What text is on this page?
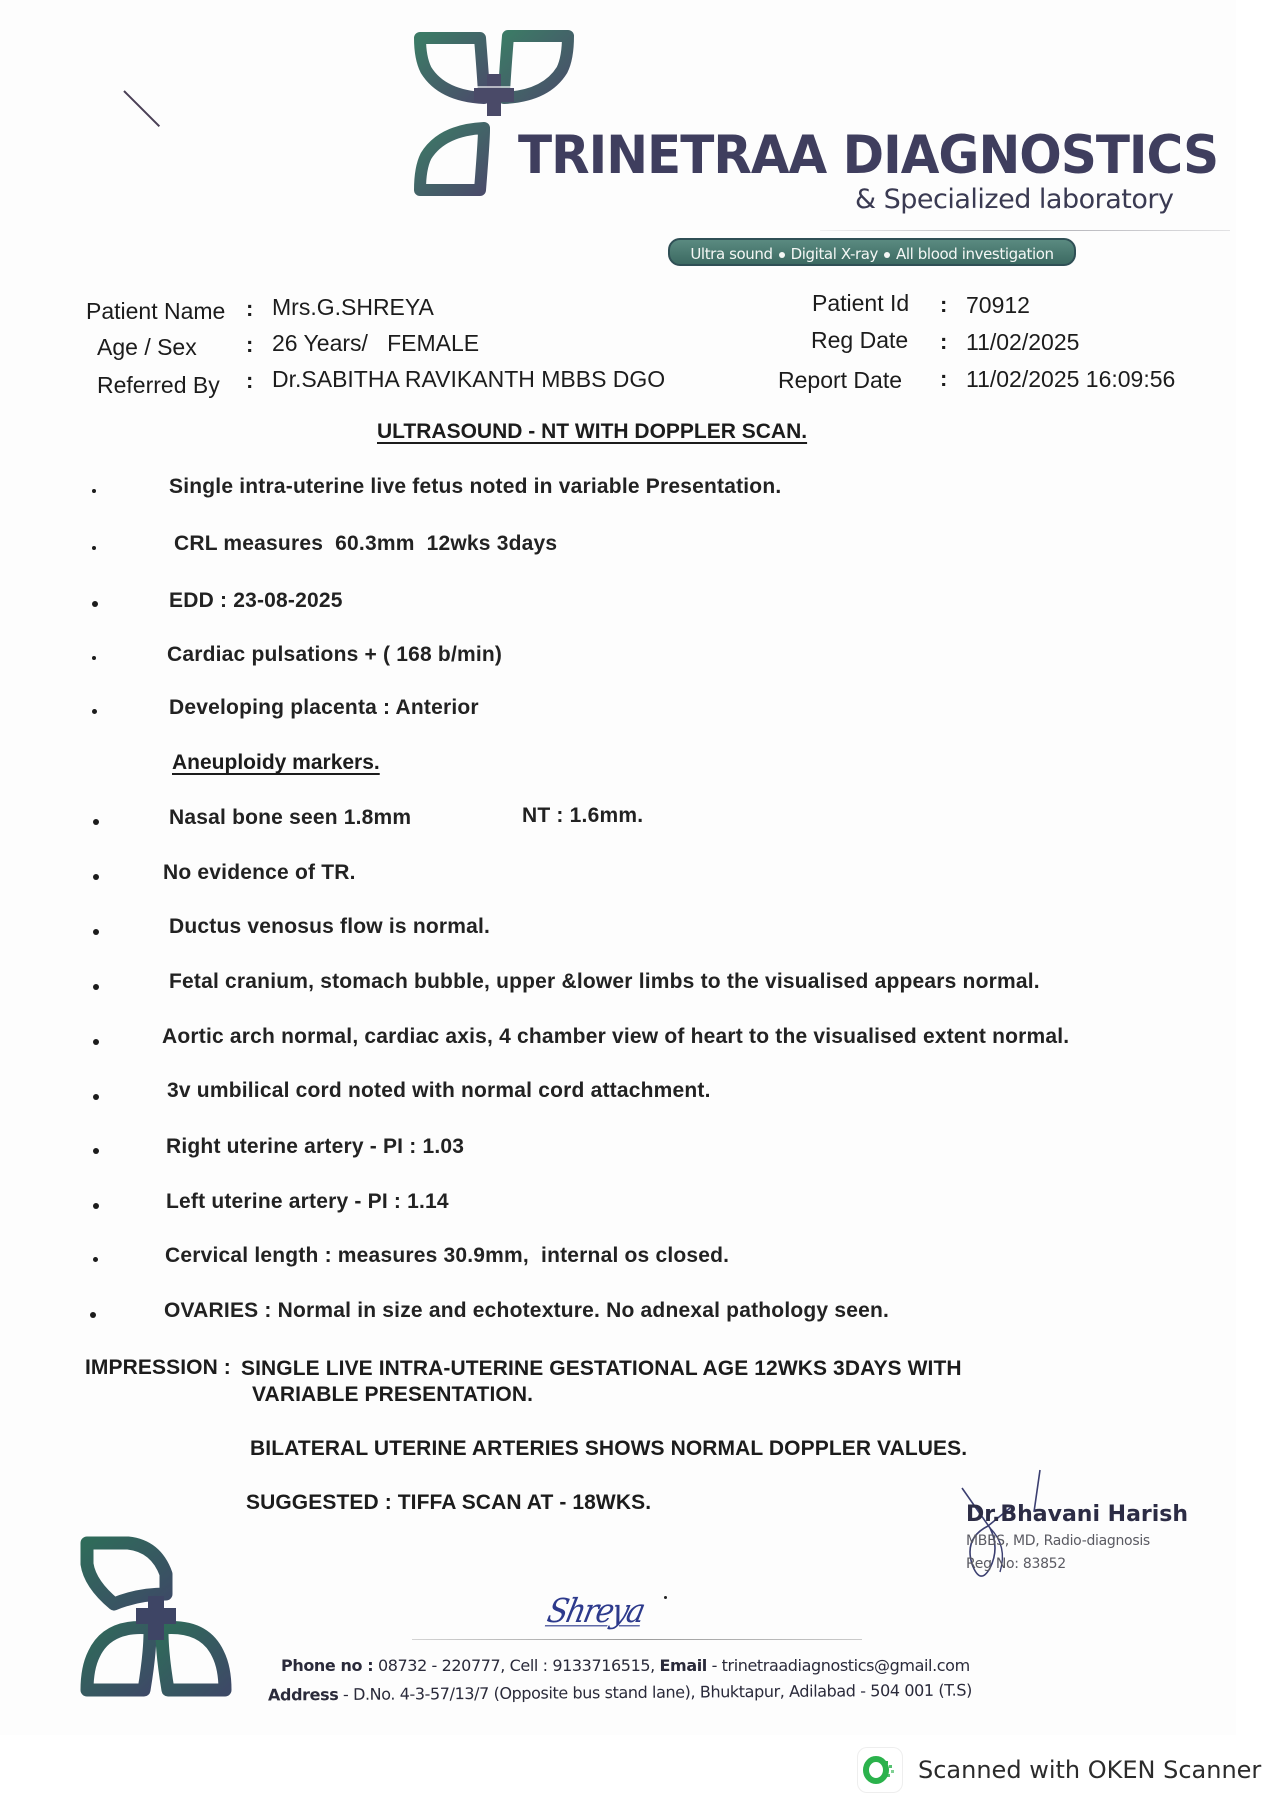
TRINETRAA DIAGNOSTICS
& Specialized laboratory
Ultra sound Digital X-ray All blood investigation
Patient Name : Mrs.G.SHREYA
Age / Sex : 26 Years/   FEMALE
Referred By : Dr.SABITHA RAVIKANTH MBBS DGO
Patient Id : 70912
Reg Date : 11/02/2025
Report Date : 11/02/2025 16:09:56
ULTRASOUND - NT WITH DOPPLER SCAN.
Single intra-uterine live fetus noted in variable Presentation.
CRL measures  60.3mm  12wks 3days
EDD : 23-08-2025
Cardiac pulsations + ( 168 b/min)
Developing placenta : Anterior
Aneuploidy markers.
Nasal bone seen 1.8mm	NT : 1.6mm.
No evidence of TR.
Ductus venosus flow is normal.
Fetal cranium, stomach bubble, upper &lower limbs to the visualised appears normal.
Aortic arch normal, cardiac axis, 4 chamber view of heart to the visualised extent normal.
3v umbilical cord noted with normal cord attachment.
Right uterine artery - PI : 1.03
Left uterine artery - PI : 1.14
Cervical length : measures 30.9mm,  internal os closed.
OVARIES : Normal in size and echotexture. No adnexal pathology seen.
IMPRESSION : SINGLE LIVE INTRA-UTERINE GESTATIONAL AGE 12WKS 3DAYS WITH
VARIABLE PRESENTATION.
BILATERAL UTERINE ARTERIES SHOWS NORMAL DOPPLER VALUES.
SUGGESTED : TIFFA SCAN AT - 18WKS.	Dr.Bhavani Harish
MBBS, MD, Radio-diagnosis
Reg No: 83852
Shreya
Phone no : 08732 - 220777, Cell : 9133716515, Email - trinetraadiagnostics@gmail.com
Address - D.No. 4-3-57/13/7 (Opposite bus stand lane), Bhuktapur, Adilabad - 504 001 (T.S)
Scanned with OKEN Scanner
